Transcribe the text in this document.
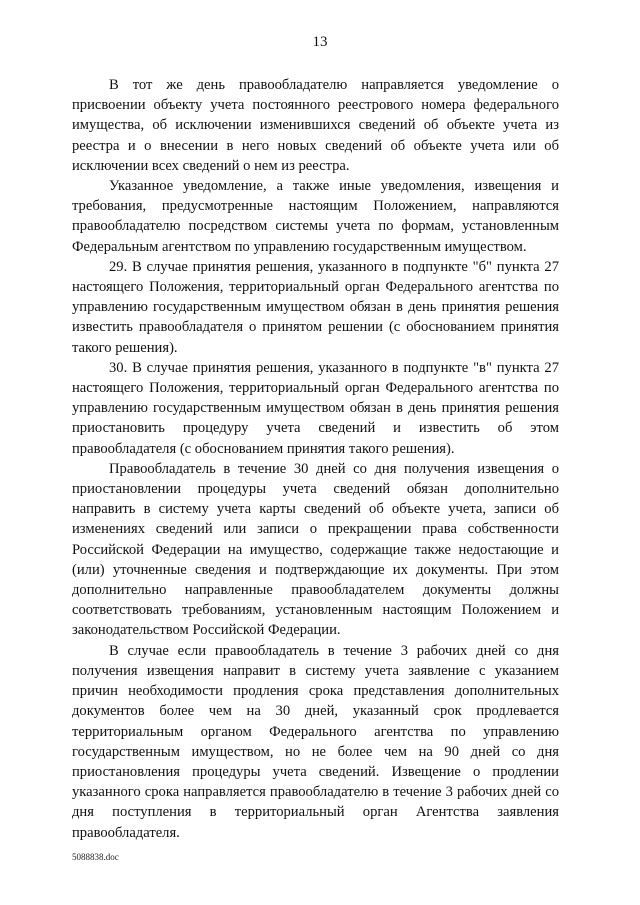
13

В тот же день правообладателю направляется уведомление о присвоении объекту учета постоянного реестрового номера федерального имущества, об исключении изменившихся сведений об объекте учета из реестра и о внесении в него новых сведений об объекте учета или об исключении всех сведений о нем из реестра.

Указанное уведомление, а также иные уведомления, извещения и требования, предусмотренные настоящим Положением, направляются правообладателю посредством системы учета по формам, установленным Федеральным агентством по управлению государственным имуществом.

29. В случае принятия решения, указанного в подпункте "б" пункта 27 настоящего Положения, территориальный орган Федерального агентства по управлению государственным имуществом обязан в день принятия решения известить правообладателя о принятом решении (с обоснованием принятия такого решения).

30. В случае принятия решения, указанного в подпункте "в" пункта 27 настоящего Положения, территориальный орган Федерального агентства по управлению государственным имуществом обязан в день принятия решения приостановить процедуру учета сведений и известить об этом правообладателя (с обоснованием принятия такого решения).

Правообладатель в течение 30 дней со дня получения извещения о приостановлении процедуры учета сведений обязан дополнительно направить в систему учета карты сведений об объекте учета, записи об изменениях сведений или записи о прекращении права собственности Российской Федерации на имущество, содержащие также недостающие и (или) уточненные сведения и подтверждающие их документы. При этом дополнительно направленные правообладателем документы должны соответствовать требованиям, установленным настоящим Положением и законодательством Российской Федерации.

В случае если правообладатель в течение 3 рабочих дней со дня получения извещения направит в систему учета заявление с указанием причин необходимости продления срока представления дополнительных документов более чем на 30 дней, указанный срок продлевается территориальным органом Федерального агентства по управлению государственным имуществом, но не более чем на 90 дней со дня приостановления процедуры учета сведений. Извещение о продлении указанного срока направляется правообладателю в течение 3 рабочих дней со дня поступления в территориальный орган Агентства заявления правообладателя.

5088838.doc
